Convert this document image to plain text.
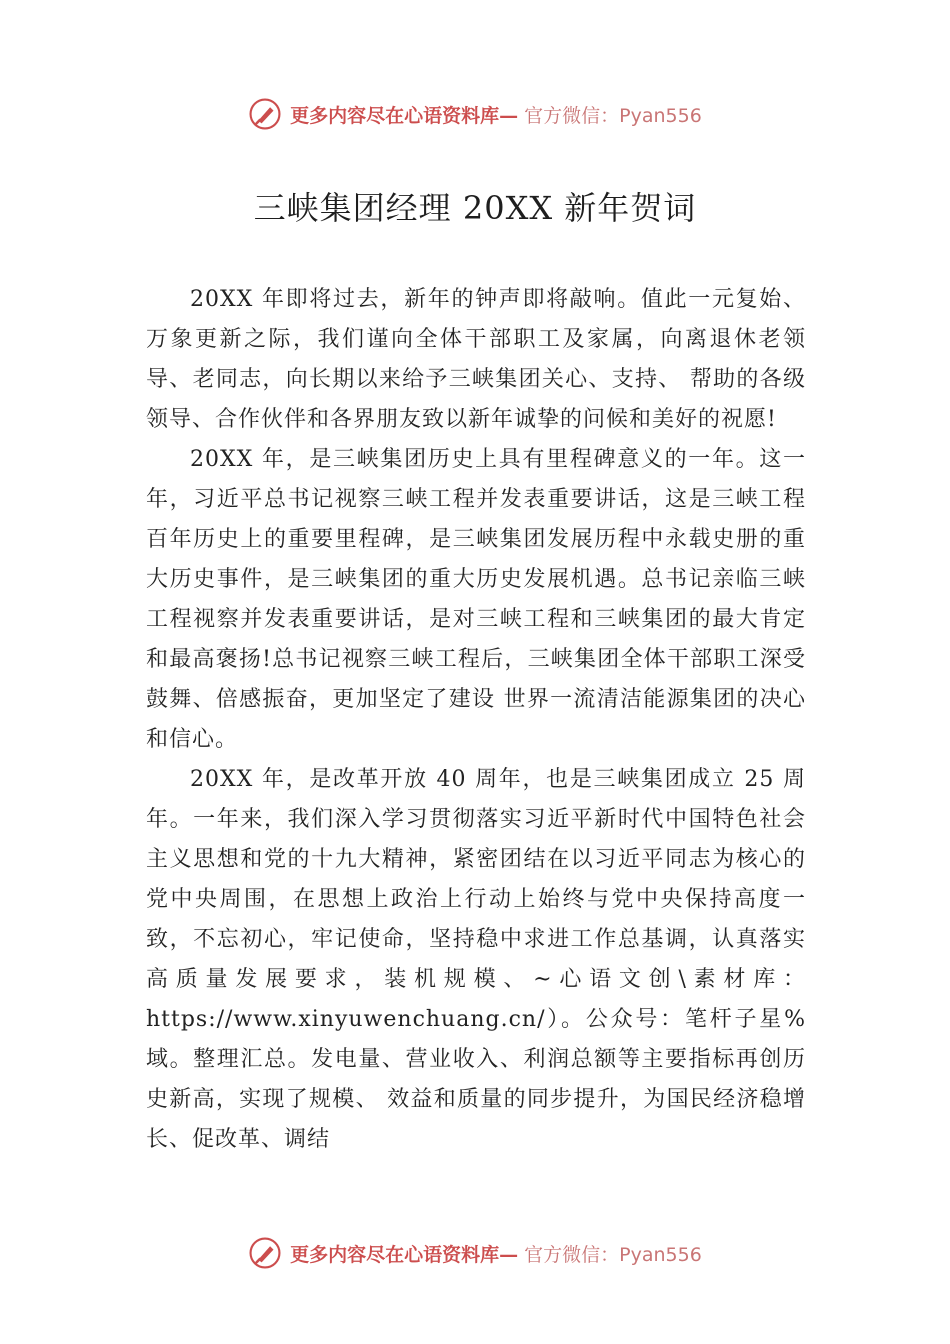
更多内容尽在心语资料库— 官方微信：Pyan556
三峡集团经理 20XX 新年贺词

20XX 年即将过去，新年的钟声即将敲响。值此一元复始、万象更新之际，我们谨向全体干部职工及家属，向离退休老领导、老同志，向长期以来给予三峡集团关心、支持、 帮助的各级领导、合作伙伴和各界朋友致以新年诚挚的问候和美好的祝愿!

20XX 年，是三峡集团历史上具有里程碑意义的一年。这一年，习近平总书记视察三峡工程并发表重要讲话，这是三峡工程百年历史上的重要里程碑，是三峡集团发展历程中永载史册的重大历史事件，是三峡集团的重大历史发展机遇。总书记亲临三峡工程视察并发表重要讲话，是对三峡工程和三峡集团的最大肯定和最高褒扬!总书记视察三峡工程后，三峡集团全体干部职工深受鼓舞、倍感振奋，更加坚定了建设 世界一流清洁能源集团的决心和信心。

20XX 年，是改革开放 40 周年，也是三峡集团成立 25 周年。一年来，我们深入学习贯彻落实习近平新时代中国特色社会主义思想和党的十九大精神，紧密团结在以习近平同志为核心的党中央周围，在思想上政治上行动上始终与党中央保持高度一致，不忘初心，牢记使命，坚持稳中求进工作总基调，认真落实高质量发展要求，装机规模、~心语文创\素材库：https://www.xinyuwenchuang.cn/）。公众号：笔杆子星%域。整理汇总。发电量、营业收入、利润总额等主要指标再创历史新高，实现了规模、 效益和质量的同步提升，为国民经济稳增长、促改革、调结

更多内容尽在心语资料库— 官方微信：Pyan556
